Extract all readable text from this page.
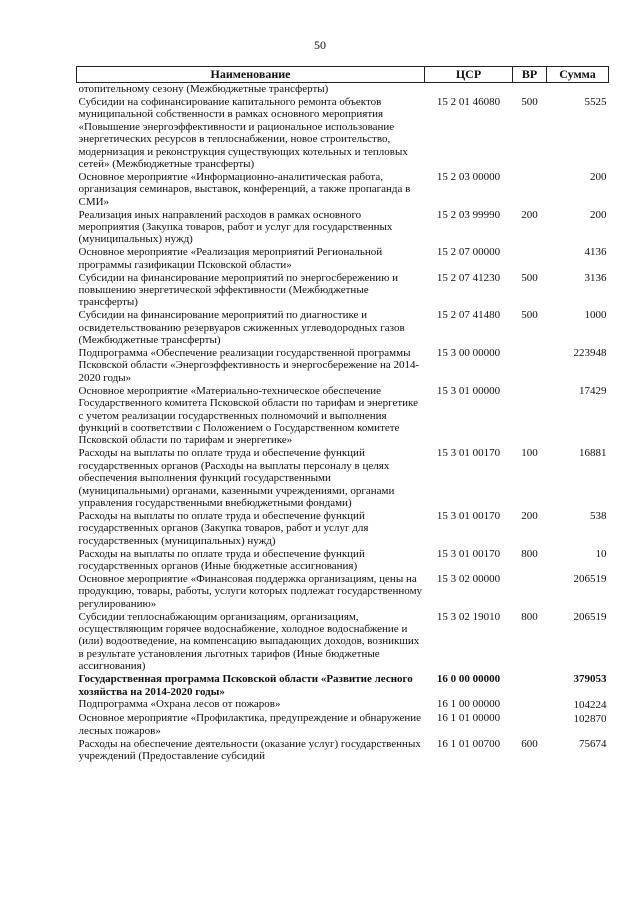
50
Наименование	ЦСР	ВР	Сумма
отопительному сезону (Межбюджетные трансферты)			
Субсидии на софинансирование капитального ремонта объектов муниципальной собственности в рамках основного мероприятия «Повышение энергоэффективности и рациональное использование энергетических ресурсов в теплоснабжении, новое строительство, модернизация и реконструкция существующих котельных и тепловых сетей» (Межбюджетные трансферты)	15 2 01 46080	500	5525
Основное мероприятие «Информационно-аналитическая работа, организация семинаров, выставок, конференций, а также пропаганда в СМИ»	15 2 03 00000		200
Реализация иных направлений расходов в рамках основного мероприятия (Закупка товаров, работ и услуг для государственных (муниципальных) нужд)	15 2 03 99990	200	200
Основное мероприятие «Реализация мероприятий Региональной программы газификации Псковской области»	15 2 07 00000		4136
Субсидии на финансирование мероприятий по энергосбережению и повышению энергетической эффективности (Межбюджетные трансферты)	15 2 07 41230	500	3136
Субсидии на финансирование мероприятий по диагностике и освидетельствованию резервуаров сжиженных углеводородных газов (Межбюджетные трансферты)	15 2 07 41480	500	1000
Подпрограмма «Обеспечение реализации государственной программы Псковской области «Энергоэффективность и энергосбережение на 2014-2020 годы»	15 3 00 00000		223948
Основное мероприятие «Материально-техническое обеспечение Государственного комитета Псковской области по тарифам и энергетике с учетом реализации государственных полномочий и выполнения функций в соответствии с Положением о Государственном комитете Псковской области по тарифам и энергетике»	15 3 01 00000		17429
Расходы на выплаты по оплате труда и обеспечение функций государственных органов (Расходы на выплаты персоналу в целях обеспечения выполнения функций государственными (муниципальными) органами, казенными учреждениями, органами управления государственными внебюджетными фондами)	15 3 01 00170	100	16881
Расходы на выплаты по оплате труда и обеспечение функций государственных органов (Закупка товаров, работ и услуг для государственных (муниципальных) нужд)	15 3 01 00170	200	538
Расходы на выплаты по оплате труда и обеспечение функций государственных органов (Иные бюджетные ассигнования)	15 3 01 00170	800	10
Основное мероприятие «Финансовая поддержка организациям, цены на продукцию, товары, работы, услуги которых подлежат государственному регулированию»	15 3 02 00000		206519
Субсидии теплоснабжающим организациям, организациям, осуществляющим горячее водоснабжение, холодное водоснабжение и (или) водоотведение, на компенсацию выпадающих доходов, возникших в результате установления льготных тарифов (Иные бюджетные ассигнования)	15 3 02 19010	800	206519
Государственная программа Псковской области «Развитие лесного хозяйства на 2014-2020 годы»	16 0 00 00000		379053
Подпрограмма «Охрана лесов от пожаров»	16 1 00 00000		104224
Основное мероприятие «Профилактика, предупреждение и обнаружение лесных пожаров»	16 1 01 00000		102870
Расходы на обеспечение деятельности (оказание услуг) государственных учреждений (Предоставление субсидий	16 1 01 00700	600	75674
